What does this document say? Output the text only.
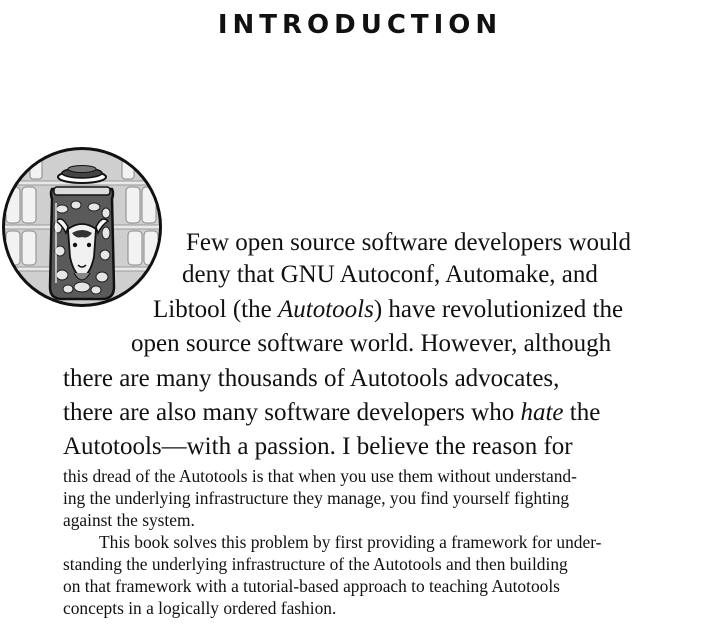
INTRODUCTION
Few open source software developers would
deny that GNU Autoconf, Automake, and
Libtool (the Autotools) have revolutionized the
open source software world. However, although
there are many thousands of Autotools advocates,
there are also many software developers who hate the
Autotools—with a passion. I believe the reason for
this dread of the Autotools is that when you use them without understand-
ing the underlying infrastructure they manage, you find yourself fighting
against the system.
This book solves this problem by first providing a framework for under-
standing the underlying infrastructure of the Autotools and then building
on that framework with a tutorial-based approach to teaching Autotools
concepts in a logically ordered fashion.
